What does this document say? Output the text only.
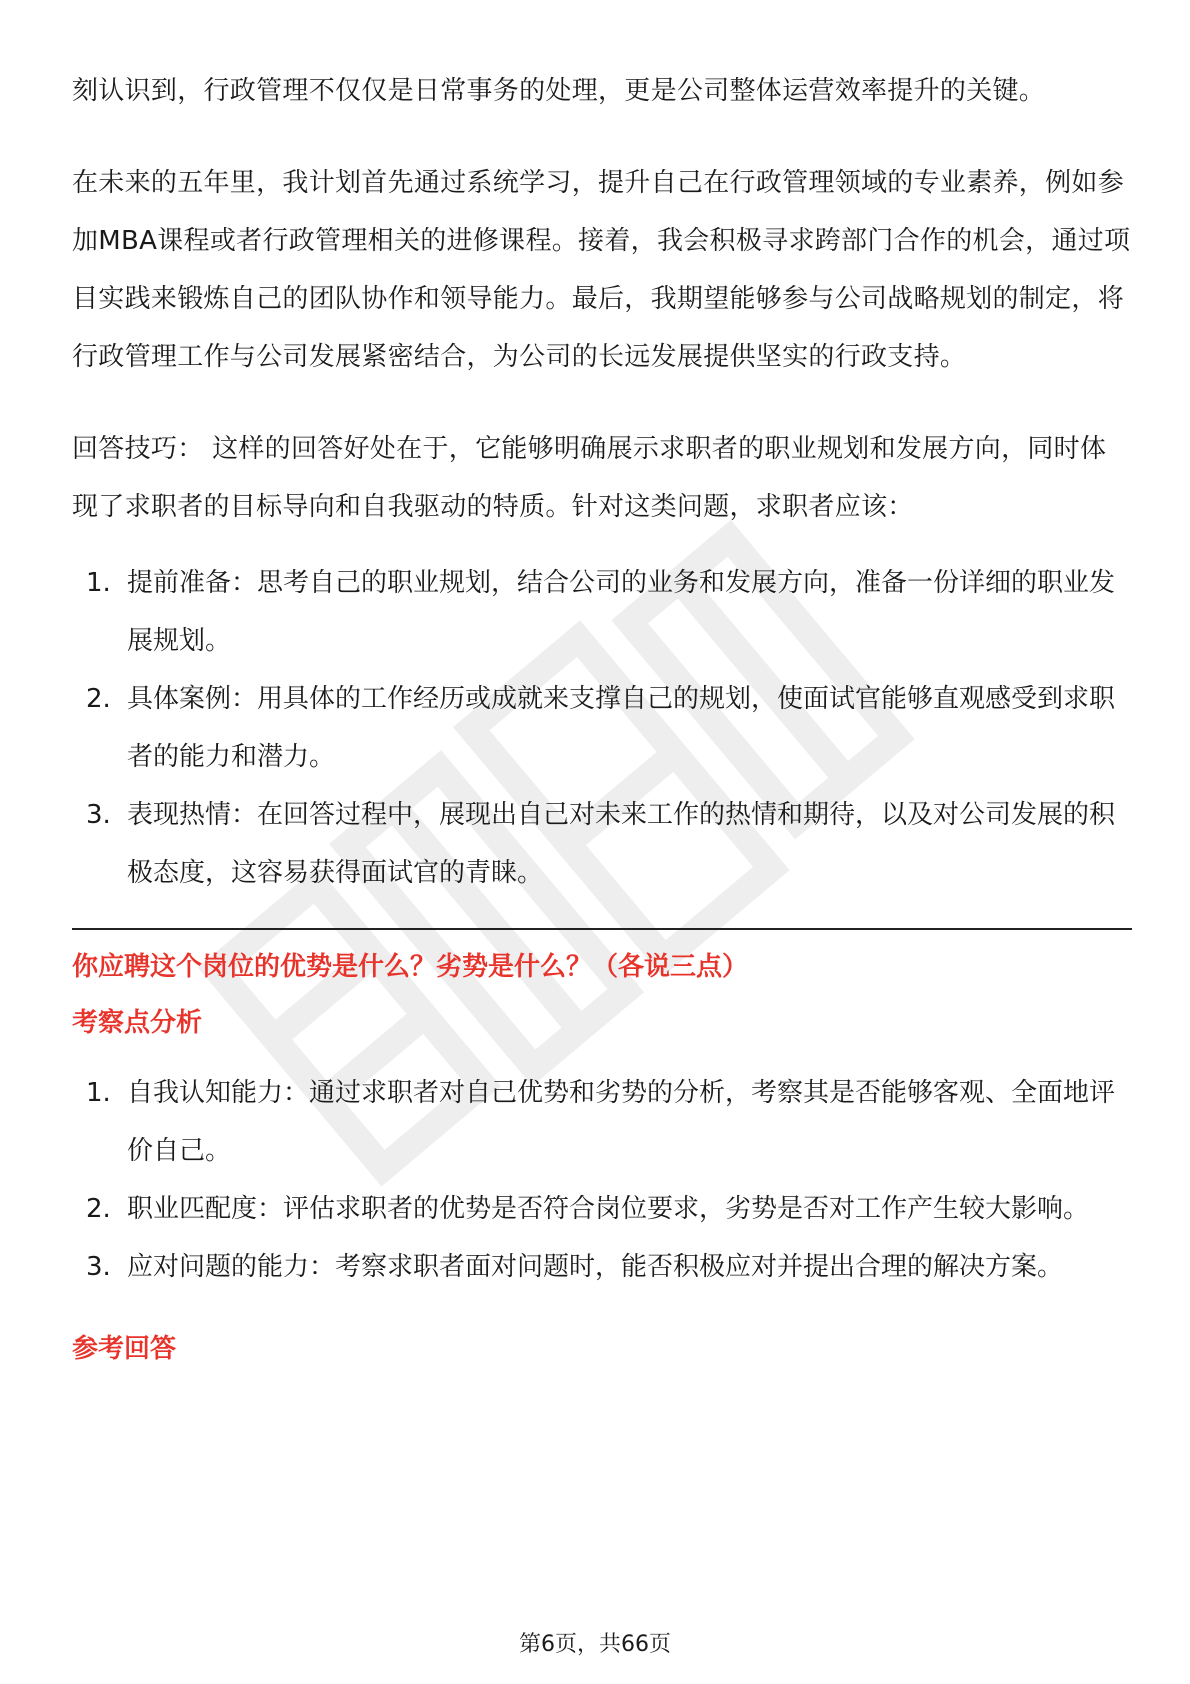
刻认识到，行政管理不仅仅是日常事务的处理，更是公司整体运营效率提升的关键。

在未来的五年里，我计划首先通过系统学习，提升自己在行政管理领域的专业素养，例如参加MBA课程或者行政管理相关的进修课程。接着，我会积极寻求跨部门合作的机会，通过项目实践来锻炼自己的团队协作和领导能力。最后，我期望能够参与公司战略规划的制定，将行政管理工作与公司发展紧密结合，为公司的长远发展提供坚实的行政支持。

回答技巧： 这样的回答好处在于，它能够明确展示求职者的职业规划和发展方向，同时体现了求职者的目标导向和自我驱动的特质。针对这类问题，求职者应该：

1. 提前准备：思考自己的职业规划，结合公司的业务和发展方向，准备一份详细的职业发展规划。
2. 具体案例：用具体的工作经历或成就来支撑自己的规划，使面试官能够直观感受到求职者的能力和潜力。
3. 表现热情：在回答过程中，展现出自己对未来工作的热情和期待，以及对公司发展的积极态度，这容易获得面试官的青睐。
你应聘这个岗位的优势是什么？劣势是什么？（各说三点）
考察点分析
1. 自我认知能力：通过求职者对自己优势和劣势的分析，考察其是否能够客观、全面地评价自己。
2. 职业匹配度：评估求职者的优势是否符合岗位要求，劣势是否对工作产生较大影响。
3. 应对问题的能力：考察求职者面对问题时，能否积极应对并提出合理的解决方案。
参考回答
第6页，共66页
